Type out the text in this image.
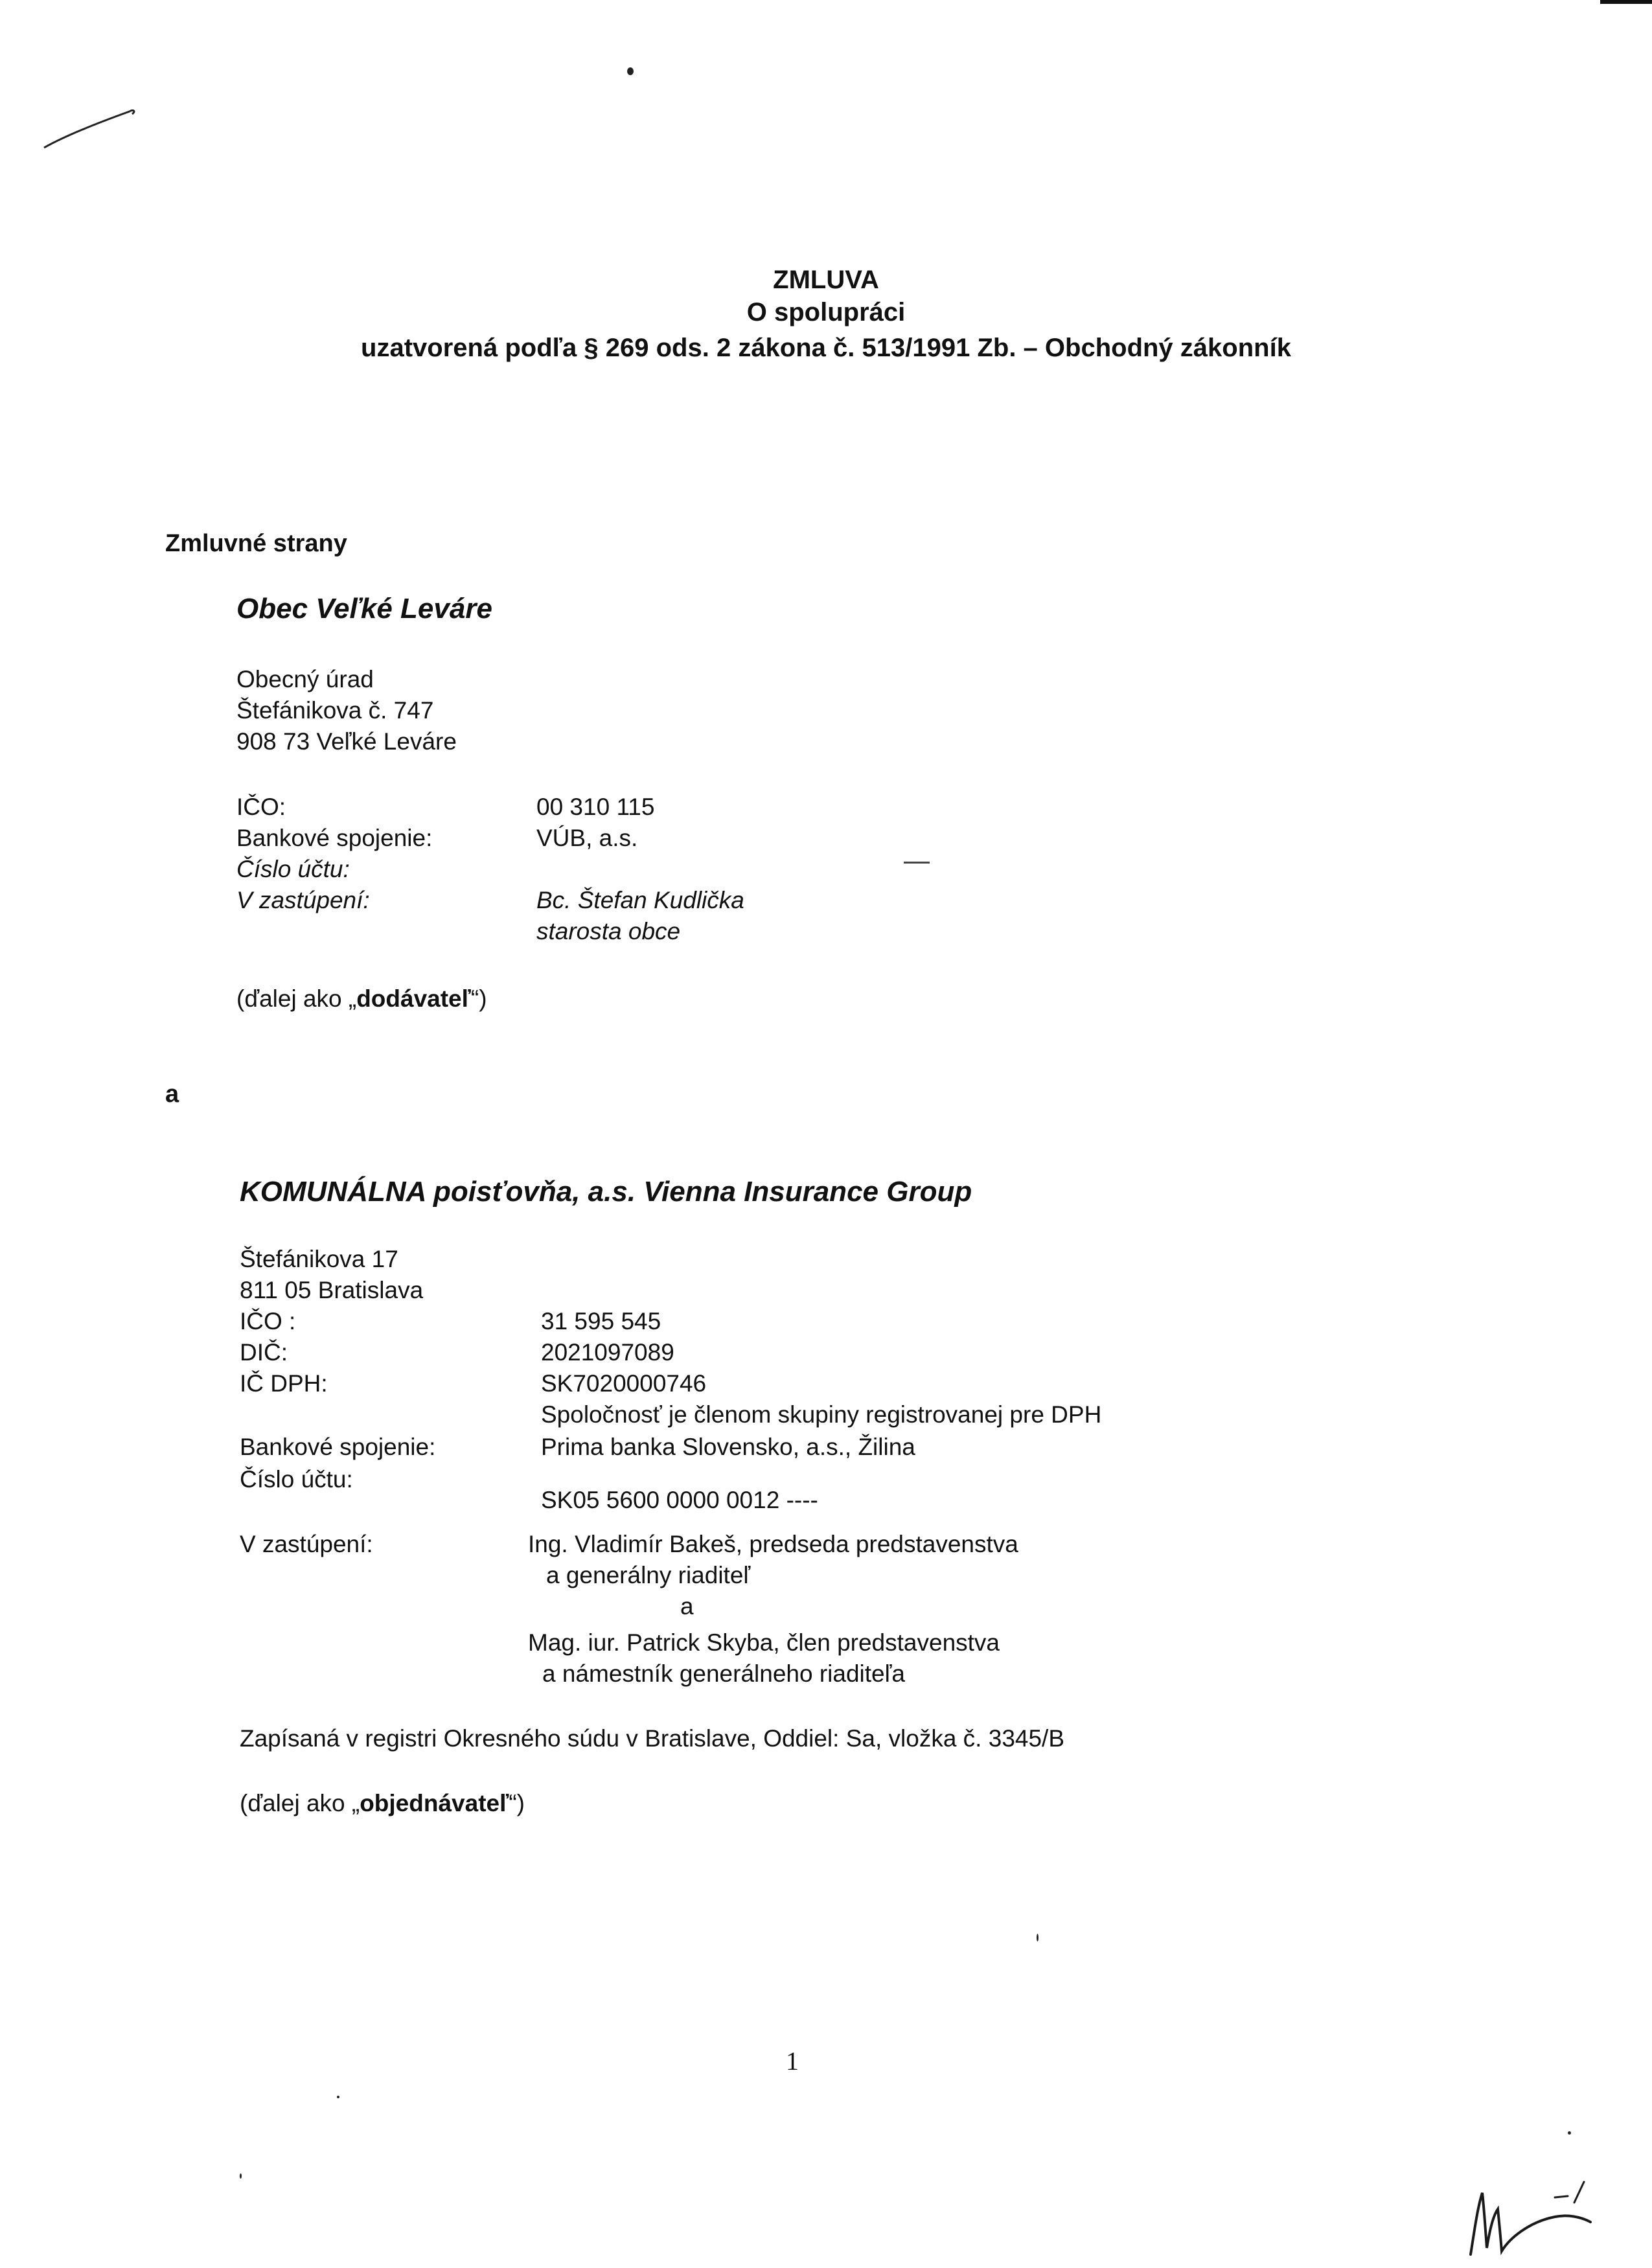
ZMLUVA
O spolupráci
uzatvorená podľa § 269 ods. 2 zákona č. 513/1991 Zb. – Obchodný zákonník
Zmluvné strany
Obec Veľké Leváre
Obecný úrad
Štefánikova č. 747
908 73 Veľké Leváre
IČO:
Bankové spojenie:
Číslo účtu:
V zastúpení:
00 310 115
VÚB, a.s.
Bc. Štefan Kudlička
starosta obce
(ďalej ako „dodávateľ“)
a
KOMUNÁLNA poisťovňa, a.s. Vienna Insurance Group
Štefánikova 17
811 05 Bratislava
IČO :
DIČ:
IČ DPH:
31 595 545
2021097089
SK7020000746
Spoločnosť je členom skupiny registrovanej pre DPH
Bankové spojenie:	Prima banka Slovensko, a.s., Žilina
Číslo účtu:
SK05 5600 0000 0012 ----
V zastúpení:	Ing. Vladimír Bakeš, predseda predstavenstva
a generálny riaditeľ
a
Mag. iur. Patrick Skyba, člen predstavenstva
a námestník generálneho riaditeľa
Zapísaná v registri Okresného súdu v Bratislave, Oddiel: Sa, vložka č. 3345/B
(ďalej ako „objednávateľ“)
1
